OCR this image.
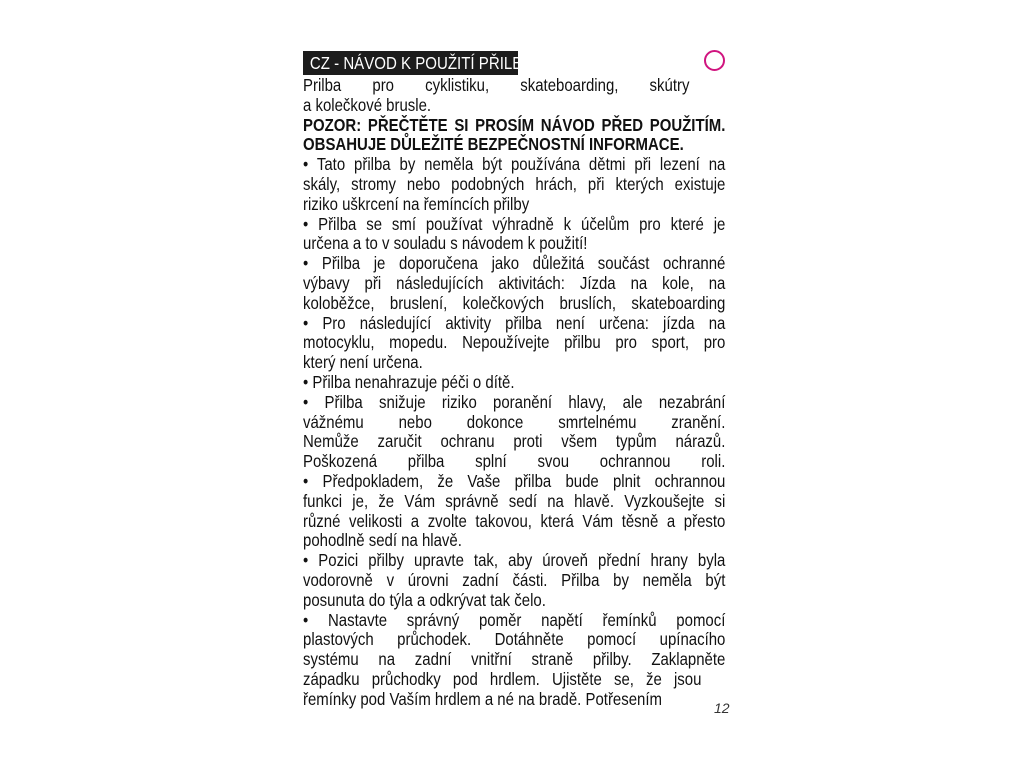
CZ - NÁVOD K POUŽITÍ PŘILBY
Prilba pro cyklistiku, skateboarding, skútry
a kolečkové brusle.
POZOR: PŘEČTĚTE SI PROSÍM NÁVOD PŘED POUŽITÍM.
OBSAHUJE DŮLEŽITÉ BEZPEČNOSTNÍ INFORMACE.
• Tato přilba by neměla být používána dětmi při lezení na
skály, stromy nebo podobných hrách, při kterých existuje
riziko uškrcení na řemíncích přilby
• Přilba se smí používat výhradně k účelům pro které je
určena a to v souladu s návodem k použití!
• Přilba je doporučena jako důležitá součást ochranné
výbavy při následujících aktivitách: Jízda na kole, na
koloběžce, bruslení, kolečkových bruslích, skateboarding
• Pro následující aktivity přilba není určena: jízda na
motocyklu, mopedu. Nepoužívejte přilbu pro sport, pro
který není určena.
• Přilba nenahrazuje péči o dítě.
• Přilba snižuje riziko poranění hlavy, ale nezabrání
vážnému nebo dokonce smrtelnému zranění.
Nemůže zaručit ochranu proti všem typům nárazů.
Poškozená přilba splní svou ochrannou roli.
• Předpokladem, že Vaše přilba bude plnit ochrannou
funkci je, že Vám správně sedí na hlavě. Vyzkoušejte si
různé velikosti a zvolte takovou, která Vám těsně a přesto
pohodlně sedí na hlavě.
• Pozici přilby upravte tak, aby úroveň přední hrany byla
vodorovně v úrovni zadní části. Přilba by neměla být
posunuta do týla a odkrývat tak čelo.
• Nastavte správný poměr napětí řemínků pomocí
plastových průchodek. Dotáhněte pomocí upínacího
systému na zadní vnitřní straně přilby. Zaklapněte
západku průchodky pod hrdlem. Ujistěte se, že jsou
řemínky pod Vaším hrdlem a né na bradě. Potřesením	12
